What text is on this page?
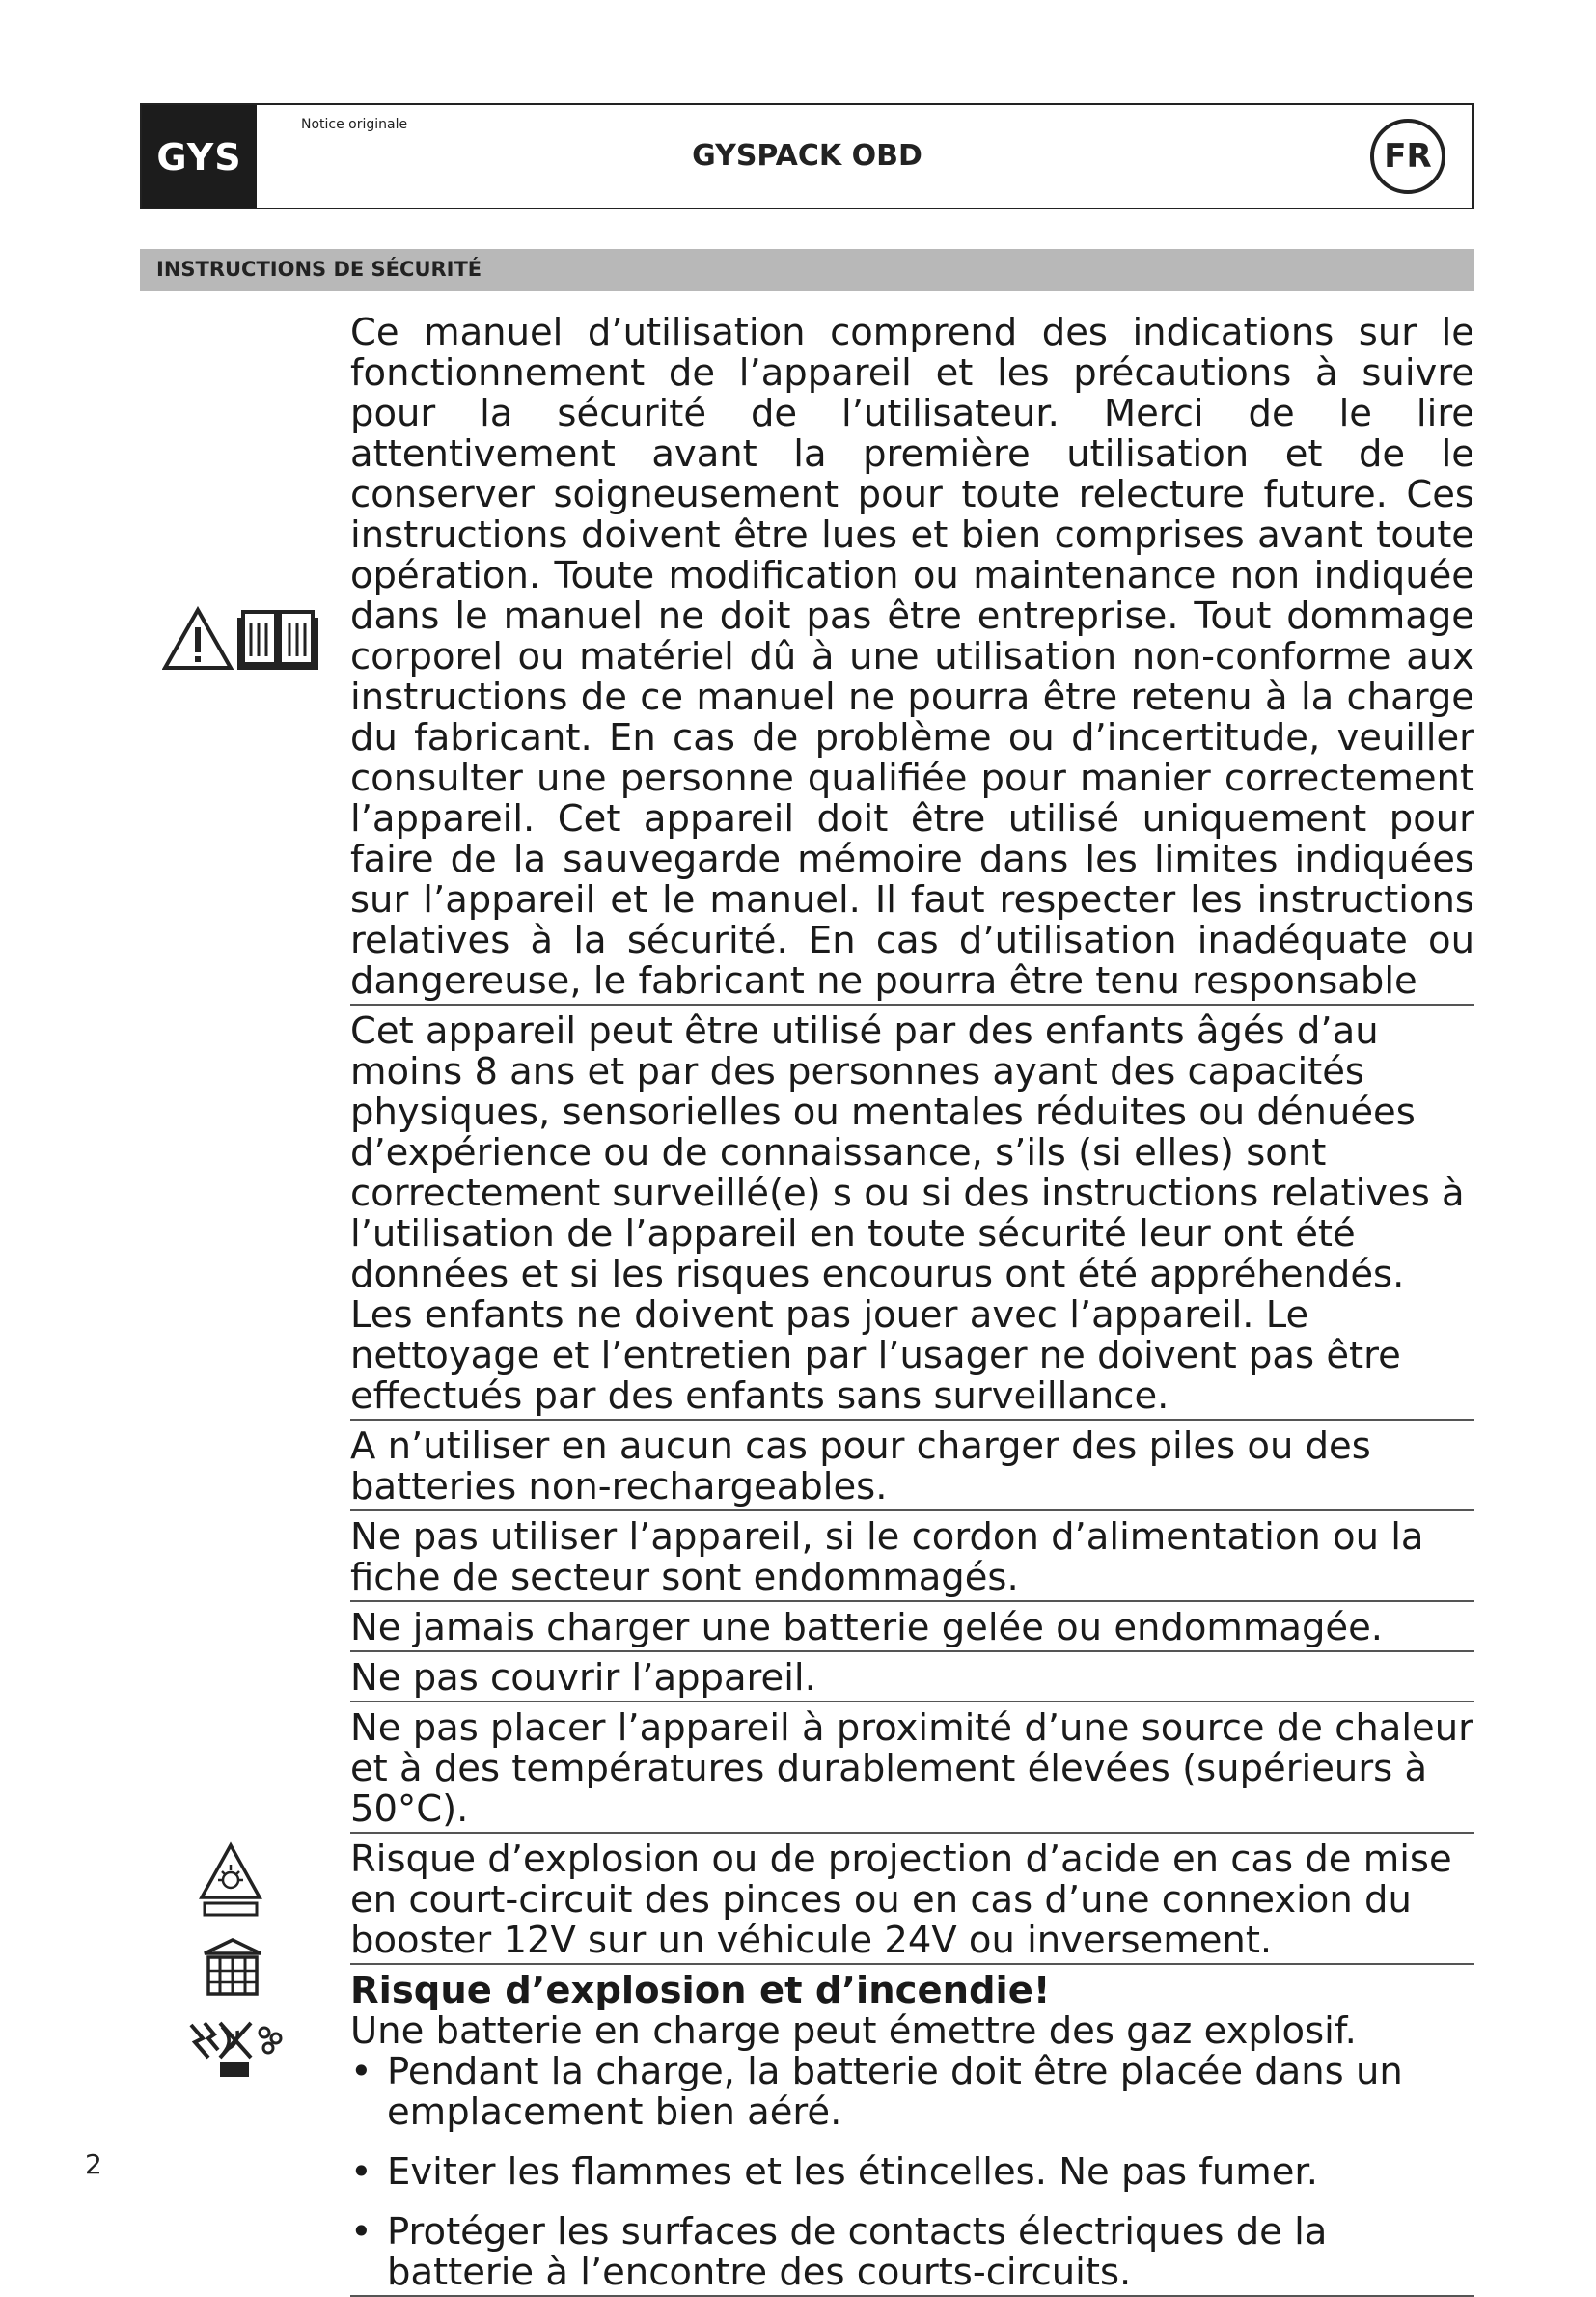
GYS
Notice originale
GYSPACK OBD	FR
INSTRUCTIONS DE SÉCURITÉ

Ce manuel d’utilisation comprend des indications sur le fonctionnement de l’appareil et les précautions à suivre pour la sécurité de l’utilisateur. Merci de le lire attentivement avant la première utilisation et de le conserver soigneusement pour toute relecture future. Ces instructions doivent être lues et bien comprises avant toute opération. Toute modification ou maintenance non indiquée dans le manuel ne doit pas être entreprise. Tout dommage corporel ou matériel dû à une utilisation non-conforme aux instructions de ce manuel ne pourra être retenu à la charge du fabricant. En cas de problème ou d’incertitude, veuiller consulter une personne qualifiée pour manier correctement l’appareil. Cet appareil doit être utilisé uniquement pour faire de la sauvegarde mémoire dans les limites indiquées sur l’appareil et le manuel. Il faut respecter les instructions relatives à la sécurité. En cas d’utilisation inadéquate ou dangereuse, le fabricant ne pourra être tenu responsable

Cet appareil peut être utilisé par des enfants âgés d’au moins 8 ans et par des personnes ayant des capacités physiques, sensorielles ou mentales réduites ou dénuées d’expérience ou de connaissance, s’ils (si elles) sont correctement surveillé(e) s ou si des instructions relatives à l’utilisation de l’appareil en toute sécurité leur ont été données et si les risques encourus ont été appréhendés. Les enfants ne doivent pas jouer avec l’appareil. Le nettoyage et l’entretien par l’usager ne doivent pas être effectués par des enfants sans surveillance.

A n’utiliser en aucun cas pour charger des piles ou des batteries non-rechargeables.

Ne pas utiliser l’appareil, si le cordon d’alimentation ou la fiche de secteur sont endommagés.

Ne jamais charger une batterie gelée ou endommagée.

Ne pas couvrir l’appareil.

Ne pas placer l’appareil à proximité d’une source de chaleur et à des températures durablement élevées (supérieurs à 50°C).

Risque d’explosion ou de projection d’acide en cas de mise en court-circuit des pinces ou en cas d’une connexion du booster 12V sur un véhicule 24V ou inversement.

Risque d’explosion et d’incendie!

Une batterie en charge peut émettre des gaz explosif.

• Pendant la charge, la batterie doit être placée dans un emplacement bien aéré.
• Eviter les flammes et les étincelles. Ne pas fumer.
• Protéger les surfaces de contacts électriques de la batterie à l’encontre des courts-circuits.
2
